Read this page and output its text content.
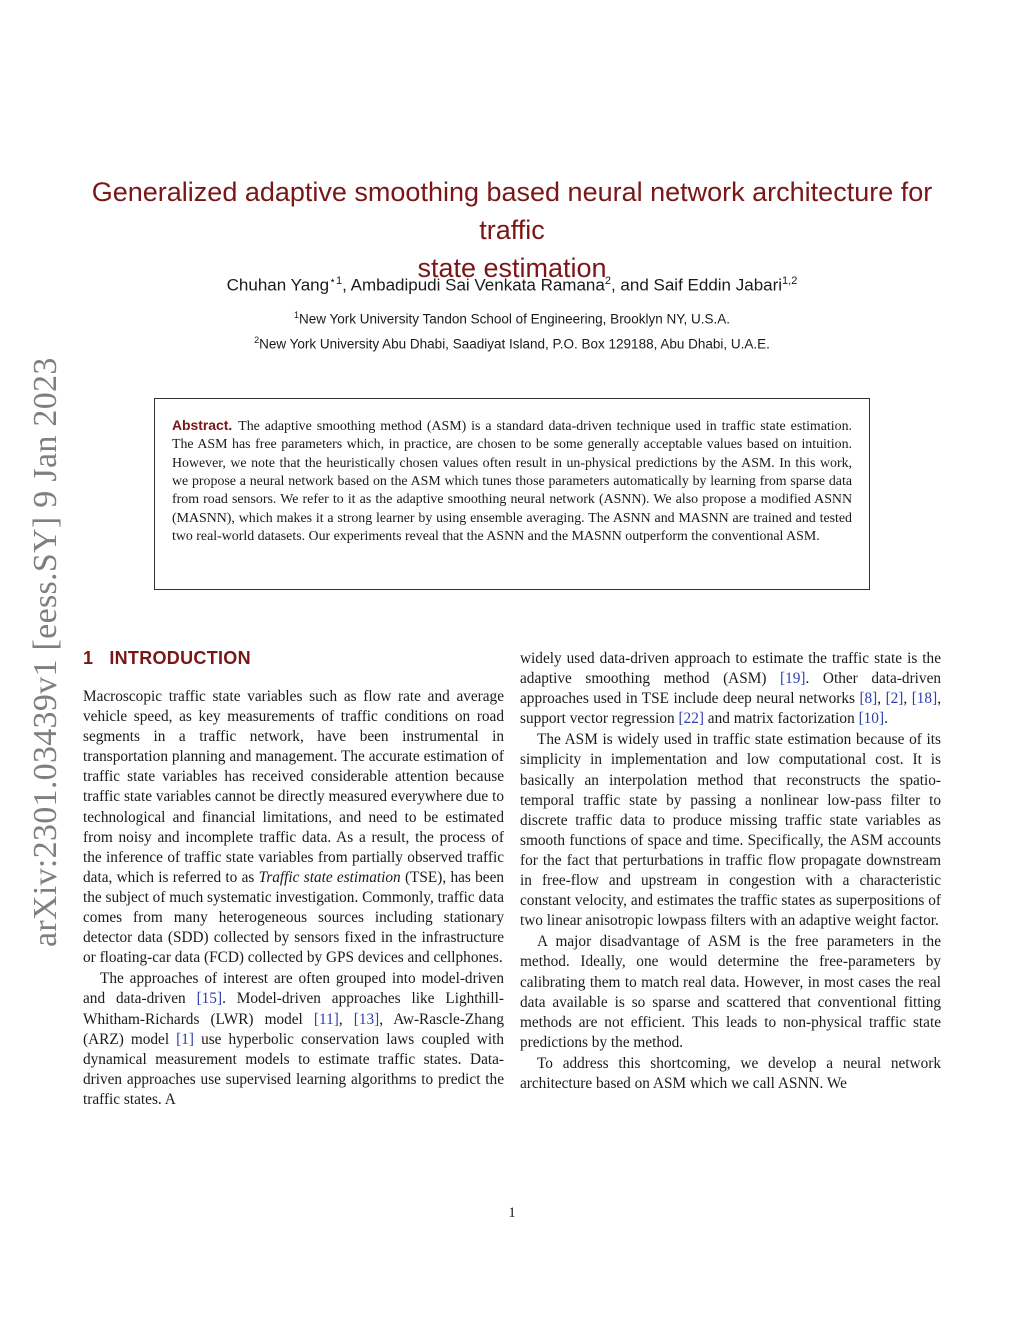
arXiv:2301.03439v1 [eess.SY] 9 Jan 2023
Generalized adaptive smoothing based neural network architecture for traffic
state estimation
Chuhan Yang$^{⋆1}$, Ambadipudi Sai Venkata Ramana$^2$, and Saif Eddin Jabari$^{1,2}$
$^1$New York University Tandon School of Engineering, Brooklyn NY, U.S.A.
$^2$New York University Abu Dhabi, Saadiyat Island, P.O. Box 129188, Abu Dhabi, U.A.E.

Abstract. The adaptive smoothing method (ASM) is a standard data-driven technique used in traffic state estimation. The ASM has free parameters which, in practice, are chosen to be some generally acceptable values based on intuition. However, we note that the heuristically chosen values often result in un-physical predictions by the ASM. In this work, we propose a neural network based on the ASM which tunes those parameters automatically by learning from sparse data from road sensors. We refer to it as the adaptive smoothing neural network (ASNN). We also propose a modified ASNN (MASNN), which makes it a strong learner by using ensemble averaging. The ASNN and MASNN are trained and tested two real-world datasets. Our experiments reveal that the ASNN and the MASNN outperform the conventional ASM.

1 INTRODUCTION

Macroscopic traffic state variables such as flow rate and average vehicle speed, as key measurements of traffic conditions on road segments in a traffic network, have been instrumental in transportation planning and management. The accurate estimation of traffic state variables has received considerable attention because traffic state variables cannot be directly measured everywhere due to technological and financial limitations, and need to be estimated from noisy and incomplete traffic data. As a result, the process of the inference of traffic state variables from partially observed traffic data, which is referred to as Traffic state estimation (TSE), has been the subject of much systematic investigation. Commonly, traffic data comes from many heterogeneous sources including stationary detector data (SDD) collected by sensors fixed in the infrastructure or floating-car data (FCD) collected by GPS devices and cellphones.

The approaches of interest are often grouped into model-driven and data-driven [15]. Model-driven approaches like Lighthill-Whitham-Richards (LWR) model [11], [13], Aw-Rascle-Zhang (ARZ) model [1] use hyperbolic conservation laws coupled with dynamical measurement models to estimate traffic states. Data-driven approaches use supervised learning algorithms to predict the traffic states. A

widely used data-driven approach to estimate the traffic state is the adaptive smoothing method (ASM) [19]. Other data-driven approaches used in TSE include deep neural networks [8], [2], [18], support vector regression [22] and matrix factorization [10].

The ASM is widely used in traffic state estimation because of its simplicity in implementation and low computational cost. It is basically an interpolation method that reconstructs the spatio-temporal traffic state by passing a nonlinear low-pass filter to discrete traffic data to produce missing traffic state variables as smooth functions of space and time. Specifically, the ASM accounts for the fact that perturbations in traffic flow propagate downstream in free-flow and upstream in congestion with a characteristic constant velocity, and estimates the traffic states as superpositions of two linear anisotropic lowpass filters with an adaptive weight factor.

A major disadvantage of ASM is the free parameters in the method. Ideally, one would determine the free-parameters by calibrating them to match real data. However, in most cases the real data available is so sparse and scattered that conventional fitting methods are not efficient. This leads to non-physical traffic state predictions by the method.

To address this shortcoming, we develop a neural network architecture based on ASM which we call ASNN. We

1
